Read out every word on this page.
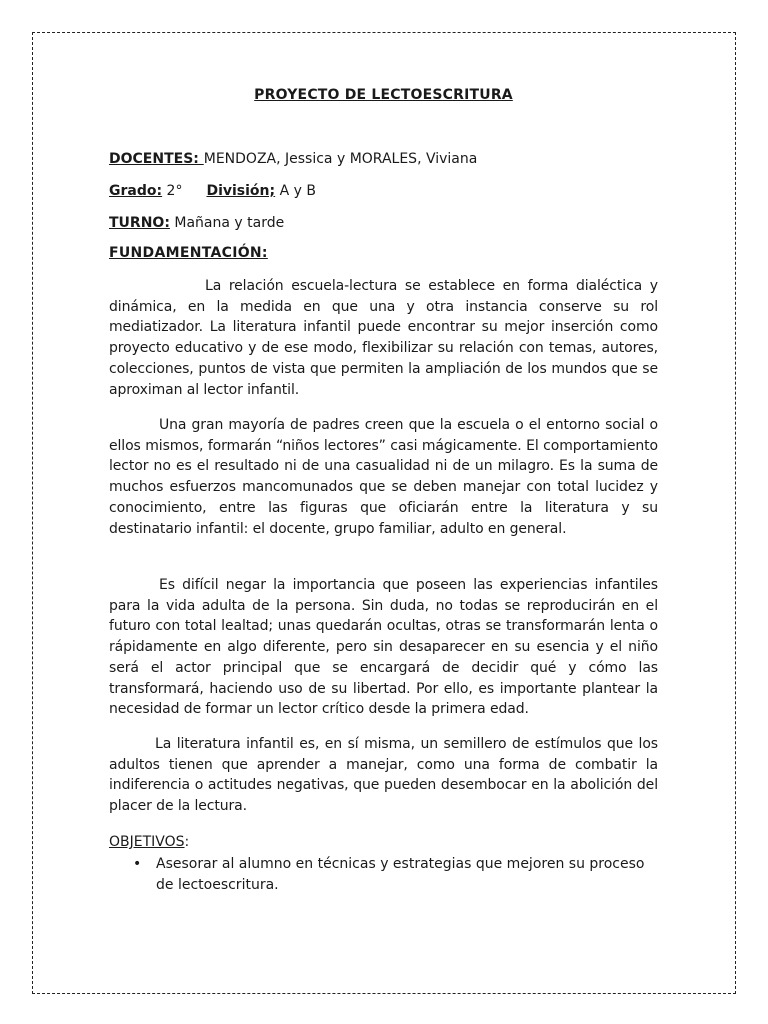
PROYECTO DE LECTOESCRITURA
DOCENTES: MENDOZA, Jessica y MORALES, Viviana
Grado: 2° División; A y B
TURNO: Mañana y tarde
FUNDAMENTACIÓN:
La relación escuela-lectura se establece en forma dialéctica y dinámica, en la medida en que una y otra instancia conserve su rol mediatizador. La literatura infantil puede encontrar su mejor inserción como proyecto educativo y de ese modo, flexibilizar su relación con temas, autores, colecciones, puntos de vista que permiten la ampliación de los mundos que se aproximan al lector infantil.
Una gran mayoría de padres creen que la escuela o el entorno social o ellos mismos, formarán “niños lectores” casi mágicamente. El comportamiento lector no es el resultado ni de una casualidad ni de un milagro. Es la suma de muchos esfuerzos mancomunados que se deben manejar con total lucidez y conocimiento, entre las figuras que oficiarán entre la literatura y su destinatario infantil: el docente, grupo familiar, adulto en general.
Es difícil negar la importancia que poseen las experiencias infantiles para la vida adulta de la persona. Sin duda, no todas se reproducirán en el futuro con total lealtad; unas quedarán ocultas, otras se transformarán lenta o rápidamente en algo diferente, pero sin desaparecer en su esencia y el niño será el actor principal que se encargará de decidir qué y cómo las transformará, haciendo uso de su libertad. Por ello, es importante plantear la necesidad de formar un lector crítico desde la primera edad.
La literatura infantil es, en sí misma, un semillero de estímulos que los adultos tienen que aprender a manejar, como una forma de combatir la indiferencia o actitudes negativas, que pueden desembocar en la abolición del placer de la lectura.
OBJETIVOS:
• Asesorar al alumno en técnicas y estrategias que mejoren su proceso de lectoescritura.
